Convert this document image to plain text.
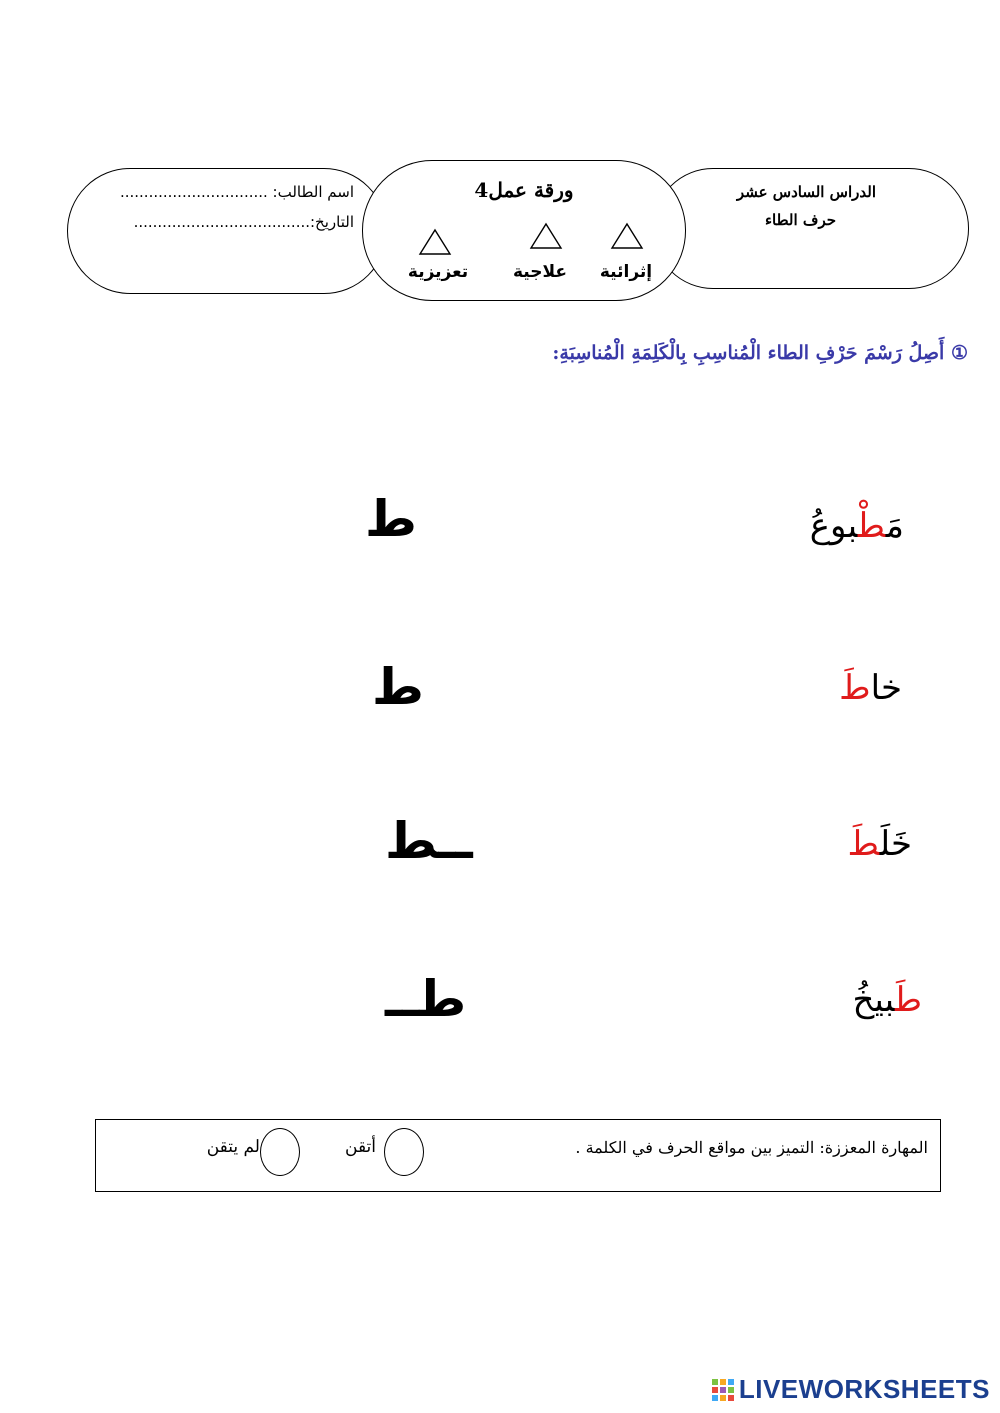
اسم الطالب: ...............................
التاريخ:.....................................
الدراس السادس عشر
حرف الطاء
ورقة عمل4
إثرائية
علاجية
تعزيزية
① أَصِلُ رَسْمَ حَرْفِ الطاء الْمُناسِبِ بِالْكَلِمَةِ الْمُناسِبَةِ:
مَطْبوعُ
ط
خاطَ
ط
خَلَطَ
ــط
طَبيخُ
طــ
المهارة المعززة: التميز بين مواقع الحرف في الكلمة .
أتقن
لم يتقن
LIVEWORKSHEETS
